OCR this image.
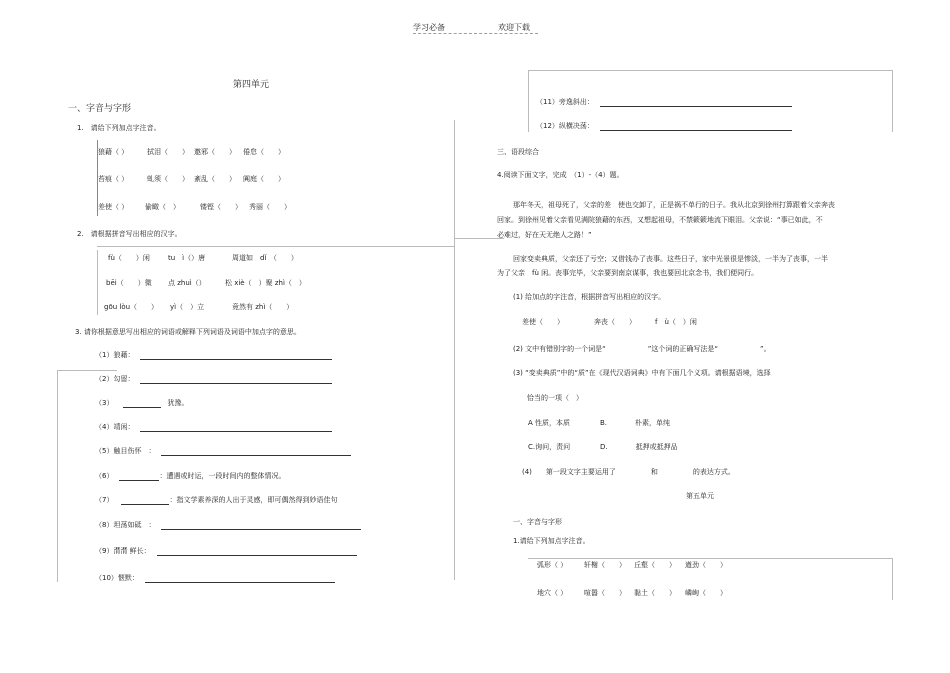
学习必备	欢迎下载
第四单元
一、字音与字形
1.　请给下列加点字注音。
狼藉（ ）	拭泪（　　） 邀邪（　　） 倦怠（　　）
苔痕（ ）	虬须（　　） 紊乱（　　） 阗庭（　　）
差使（ ） 偷瞰（　）	镂铿（　　） 秀丽（　　）
2.　请根据拼音写出相应的汉字。
fù（　　）闲	tu　ì（）唐	周道如　dǐ　（　　）
bēi（　　）微 点 zhuì（）	松 xiè（　）聚 zhì（　）
gōu lòu（　　） yì（　）立	竟然有 zhì（　　）
3. 请你根据意思写出相应的词语或解释下列词语及词语中加点字的意思。
（1）狼藉：
（2）勾留：
（3）	犹豫。
（4）靖闲：
（5）触目伤怀　：
（6）	：遭遇或时运，一段时间内的整体情况。
（7）	：指文学素养深的人出于灵感，即可偶然得到妙语佳句
（8）坦荡如砥　：
（9）潸潸 鲜长：
（10）惬默：
（11）旁逸斜出：
（12）纵横决荡：
三、语段综合
4.阅读下面文字，完成　（1）-（4）题。
那年冬天，祖母死了，父亲的差　使也交卸了，正是祸不单行的日子。我从北京到徐州打算跟着父亲奔丧
回家。到徐州见着父亲看见满院狼藉的东西，又想起祖母，不禁簌簌地流下眼泪。父亲说：“事已如此，不
必难过，好在天无绝人之路！”
回家变卖典质，父亲还了亏空；又借钱办了丧事。这些日子，家中光景很是惨淡，一半为了丧事，一半
为了父亲　fù 闲。丧事完毕，父亲要到南京谋事，我也要回北京念书，我们便同行。
(1) 给加点的字注音，根据拼音写出相应的汉字。
差使（　　）	奔丧（　　）	f　ù（　）闲
(2) 文中有错别字的一个词是“　　　　　　”这个词的正确写法是“　　　　　　”。
(3) “变卖典质”中的“质”在《现代汉语词典》中有下面几个义项。请根据语境，选择
恰当的一项（　）
A 性质，本质	B.　　　　朴素，单纯
C.询问，责问	D.　　　　抵押或抵押品
(4)　　第一段文字主要运用了　　　　　和　　　　　的表达方式。
第五单元
一、字音与字形
1.请给下列加点字注音。
弧形（ ） 轩榭（　　） 丘壑（　　） 遒劲（　　）
地穴（ ） 喧嚣（　　） 黏土（　　） 嶙峋（　　）
